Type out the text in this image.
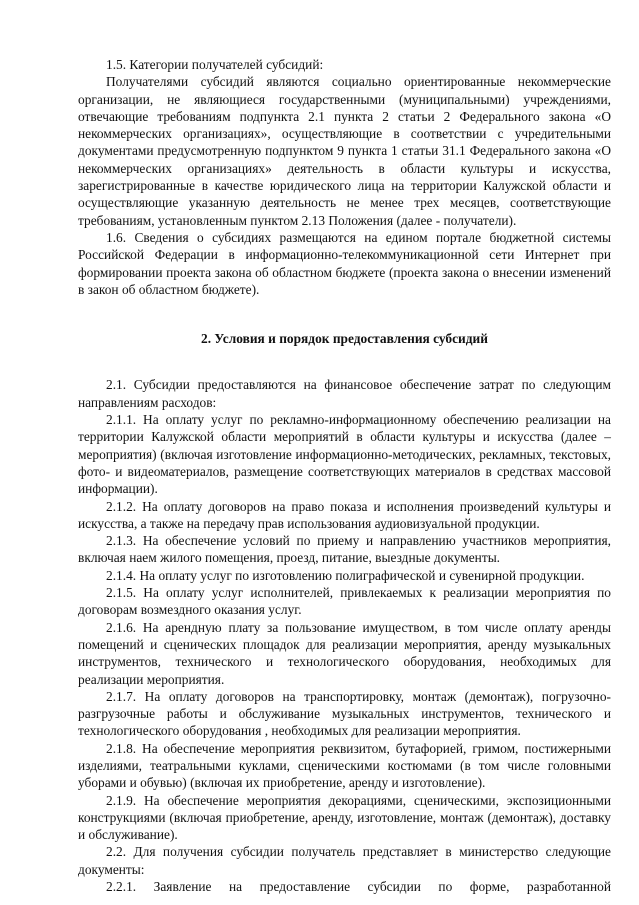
1.5. Категории получателей субсидий:

Получателями субсидий являются социально ориентированные некоммерческие организации, не являющиеся государственными (муниципальными) учреждениями, отвечающие требованиям подпункта 2.1 пункта 2 статьи 2 Федерального закона «О некоммерческих организациях», осуществляющие в соответствии с учредительными документами предусмотренную подпунктом 9 пункта 1 статьи 31.1 Федерального закона «О некоммерческих организациях» деятельность в области культуры и искусства, зарегистрированные в качестве юридического лица на территории Калужской области и осуществляющие указанную деятельность не менее трех месяцев, соответствующие требованиям, установленным пунктом 2.13 Положения (далее - получатели).

1.6. Сведения о субсидиях размещаются на едином портале бюджетной системы Российской Федерации в информационно-телекоммуникационной сети Интернет при формировании проекта закона об областном бюджете (проекта закона о внесении изменений в закон об областном бюджете).

2. Условия и порядок предоставления субсидий

2.1. Субсидии предоставляются на финансовое обеспечение затрат по следующим направлениям расходов:

2.1.1. На оплату услуг по рекламно-информационному обеспечению реализации на территории Калужской области мероприятий в области культуры и искусства (далее – мероприятия) (включая изготовление информационно-методических, рекламных, текстовых, фото- и видеоматериалов, размещение соответствующих материалов в средствах массовой информации).

2.1.2. На оплату договоров на право показа и исполнения произведений культуры и искусства, а также на передачу прав использования аудиовизуальной продукции.

2.1.3. На обеспечение условий по приему и направлению участников мероприятия, включая наем жилого помещения, проезд, питание, выездные документы.

2.1.4. На оплату услуг по изготовлению полиграфической и сувенирной продукции.

2.1.5. На оплату услуг исполнителей, привлекаемых к реализации мероприятия по договорам возмездного оказания услуг.

2.1.6. На арендную плату за пользование имуществом, в том числе оплату аренды помещений и сценических площадок для реализации мероприятия, аренду музыкальных инструментов, технического и технологического оборудования, необходимых для реализации мероприятия.

2.1.7. На оплату договоров на транспортировку, монтаж (демонтаж), погрузочно-разгрузочные работы и обслуживание музыкальных инструментов, технического и технологического оборудования , необходимых для реализации мероприятия.

2.1.8. На обеспечение мероприятия реквизитом, бутафорией, гримом, постижерными изделиями, театральными куклами, сценическими костюмами (в том числе головными уборами и обувью) (включая их приобретение, аренду и изготовление).

2.1.9. На обеспечение мероприятия декорациями, сценическими, экспозиционными конструкциями (включая приобретение, аренду, изготовление, монтаж (демонтаж), доставку и обслуживание).

2.2. Для получения субсидии получатель представляет в министерство следующие документы:

2.2.1. Заявление на предоставление субсидии по форме, разработанной
